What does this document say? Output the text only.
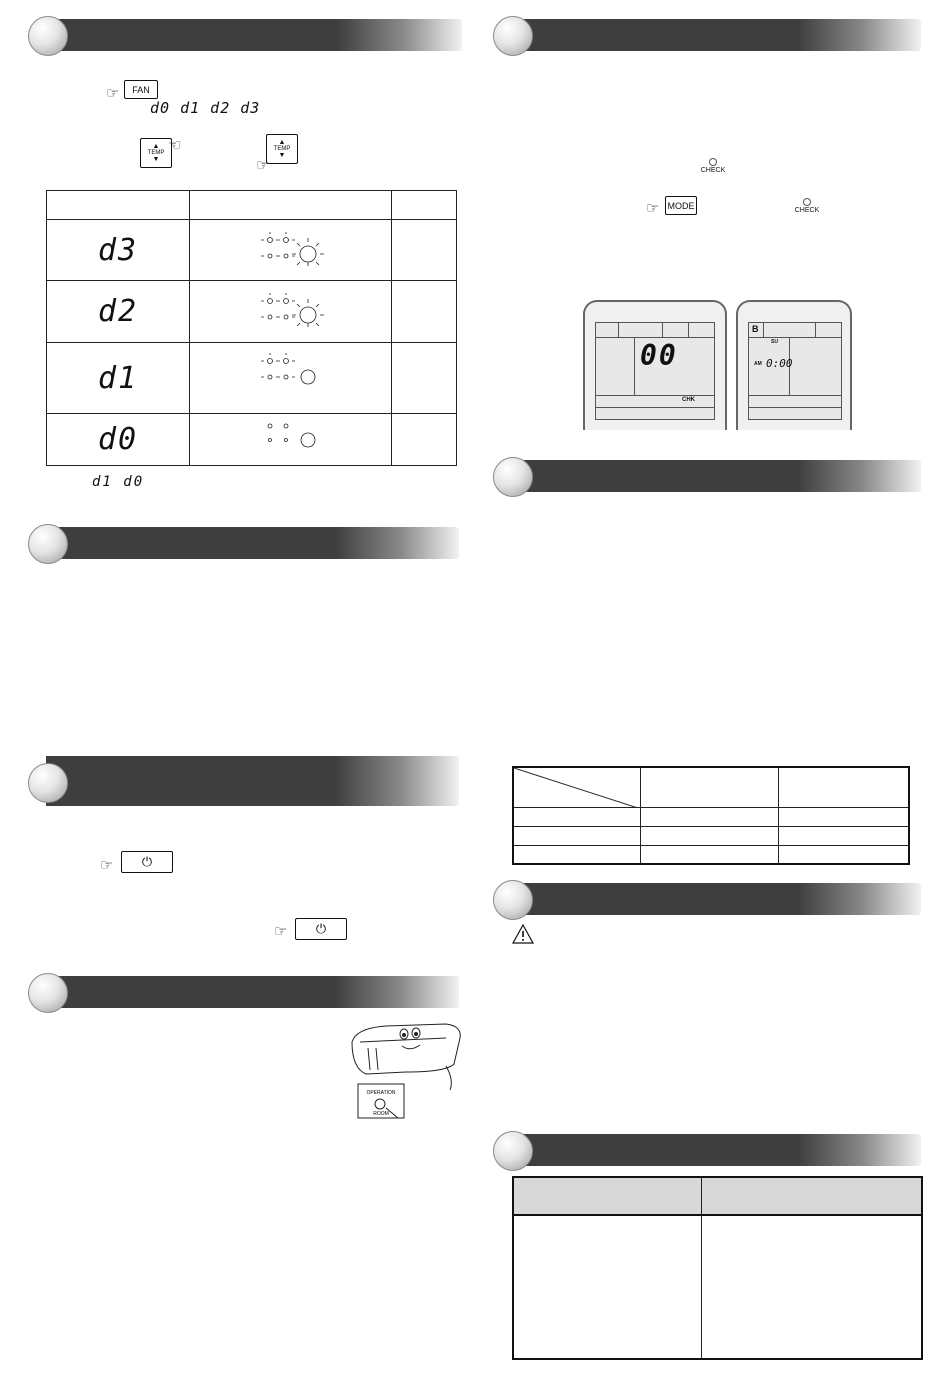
☞	FAN
d0 d1 d2 d3
▲
TEMP
▼
☜	▲
TEMP
▼
☞

d3	

d2	

d1	

d0	

d1 d0
☞ ⏻
☞ ⏻
OPERATION
ROOM
CHECK
☞ MODE	CHECK
00
CHK
B
SU
AM 0:00
